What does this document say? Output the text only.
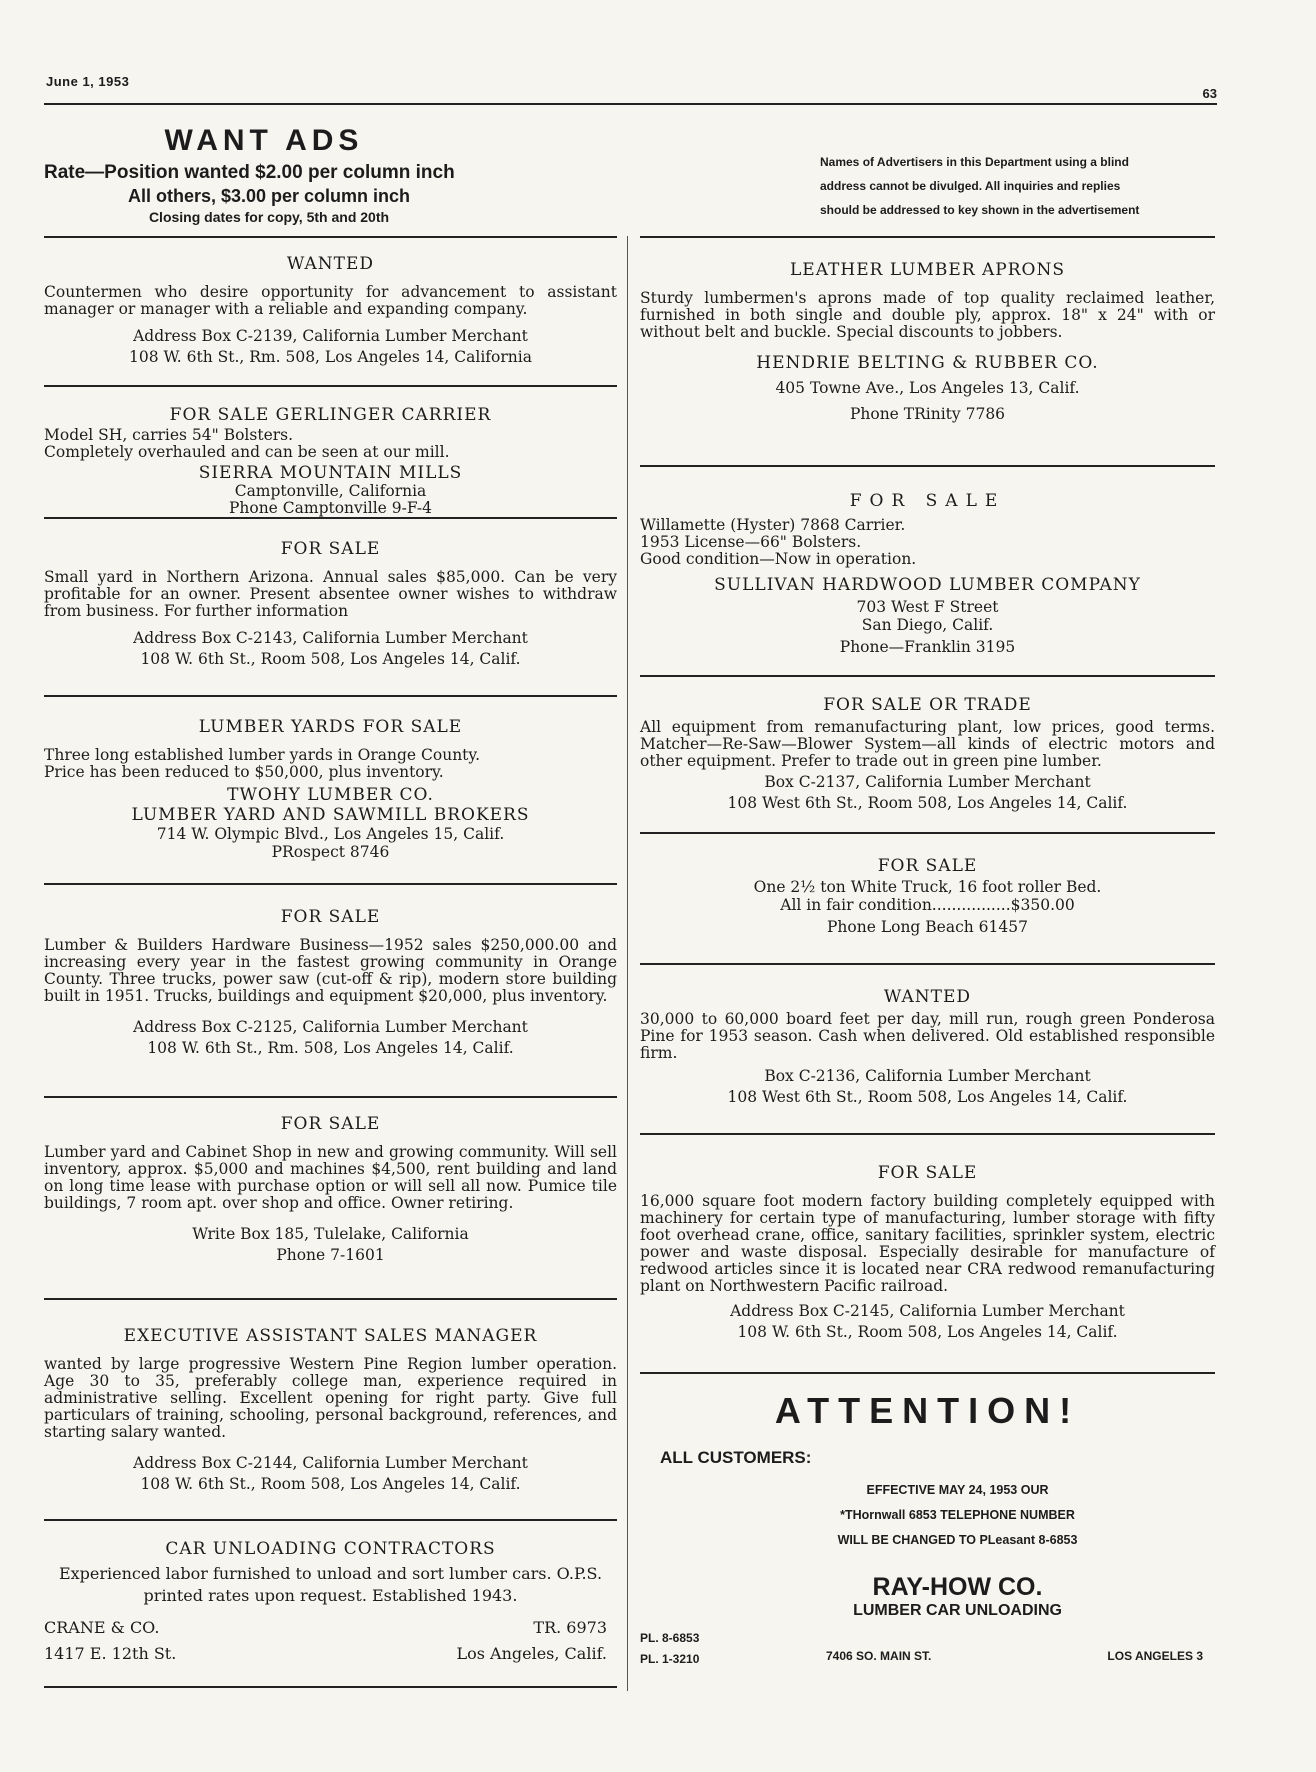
June 1, 1953
63
WANT ADS
Rate—Position wanted $2.00 per column inch
All others, $3.00 per column inch
Closing dates for copy, 5th and 20th
Names of Advertisers in this Department using a blind
address cannot be divulged. All inquiries and replies
should be addressed to key shown in the advertisement
WANTED
Countermen who desire opportunity for advancement to assistant manager or manager with a reliable and expanding company.
Address Box C-2139, California Lumber Merchant
108 W. 6th St., Rm. 508, Los Angeles 14, California
FOR SALE GERLINGER CARRIER
Model SH, carries 54" Bolsters.
Completely overhauled and can be seen at our mill.
SIERRA MOUNTAIN MILLS
Camptonville, California
Phone Camptonville 9-F-4
FOR SALE
Small yard in Northern Arizona. Annual sales $85,000. Can be very profitable for an owner. Present absentee owner wishes to withdraw from business. For further information
Address Box C-2143, California Lumber Merchant
108 W. 6th St., Room 508, Los Angeles 14, Calif.
LUMBER YARDS FOR SALE
Three long established lumber yards in Orange County.
Price has been reduced to $50,000, plus inventory.
TWOHY LUMBER CO.
LUMBER YARD AND SAWMILL BROKERS
714 W. Olympic Blvd., Los Angeles 15, Calif.
PRospect 8746
FOR SALE
Lumber & Builders Hardware Business—1952 sales $250,000.00 and increasing every year in the fastest growing community in Orange County. Three trucks, power saw (cut-off & rip), modern store building built in 1951. Trucks, buildings and equipment $20,000, plus inventory.
Address Box C-2125, California Lumber Merchant
108 W. 6th St., Rm. 508, Los Angeles 14, Calif.
FOR SALE
Lumber yard and Cabinet Shop in new and growing community. Will sell inventory, approx. $5,000 and machines $4,500, rent building and land on long time lease with purchase option or will sell all now. Pumice tile buildings, 7 room apt. over shop and office. Owner retiring.
Write Box 185, Tulelake, California
Phone 7-1601
EXECUTIVE ASSISTANT SALES MANAGER
wanted by large progressive Western Pine Region lumber operation. Age 30 to 35, preferably college man, experience required in administrative selling. Excellent opening for right party. Give full particulars of training, schooling, personal background, references, and starting salary wanted.
Address Box C-2144, California Lumber Merchant
108 W. 6th St., Room 508, Los Angeles 14, Calif.
CAR UNLOADING CONTRACTORS
Experienced labor furnished to unload and sort lumber cars. O.P.S. printed rates upon request. Established 1943.
CRANE & CO.	TR. 6973
1417 E. 12th St.	Los Angeles, Calif.
LEATHER LUMBER APRONS
Sturdy lumbermen's aprons made of top quality reclaimed leather, furnished in both single and double ply, approx. 18" x 24" with or without belt and buckle. Special discounts to jobbers.
HENDRIE BELTING & RUBBER CO.
405 Towne Ave., Los Angeles 13, Calif.
Phone TRinity 7786
FOR SALE
Willamette (Hyster) 7868 Carrier.
1953 License—66" Bolsters.
Good condition—Now in operation.
SULLIVAN HARDWOOD LUMBER COMPANY
703 West F Street
San Diego, Calif.
Phone—Franklin 3195
FOR SALE OR TRADE
All equipment from remanufacturing plant, low prices, good terms. Matcher—Re-Saw—Blower System—all kinds of electric motors and other equipment. Prefer to trade out in green pine lumber.
Box C-2137, California Lumber Merchant
108 West 6th St., Room 508, Los Angeles 14, Calif.
FOR SALE
One 2½ ton White Truck, 16 foot roller Bed.
All in fair condition................$350.00
Phone Long Beach 61457
WANTED
30,000 to 60,000 board feet per day, mill run, rough green Ponderosa Pine for 1953 season. Cash when delivered. Old established responsible firm.
Box C-2136, California Lumber Merchant
108 West 6th St., Room 508, Los Angeles 14, Calif.
FOR SALE
16,000 square foot modern factory building completely equipped with machinery for certain type of manufacturing, lumber storage with fifty foot overhead crane, office, sanitary facilities, sprinkler system, electric power and waste disposal. Especially desirable for manufacture of redwood articles since it is located near CRA redwood remanufacturing plant on Northwestern Pacific railroad.
Address Box C-2145, California Lumber Merchant
108 W. 6th St., Room 508, Los Angeles 14, Calif.
ATTENTION!
ALL CUSTOMERS:
EFFECTIVE MAY 24, 1953 OUR
*THornwall 6853 TELEPHONE NUMBER
WILL BE CHANGED TO PLeasant 8-6853
RAY-HOW CO.
LUMBER CAR UNLOADING
PL. 8-6853
PL. 1-3210	7406 SO. MAIN ST.	LOS ANGELES 3
